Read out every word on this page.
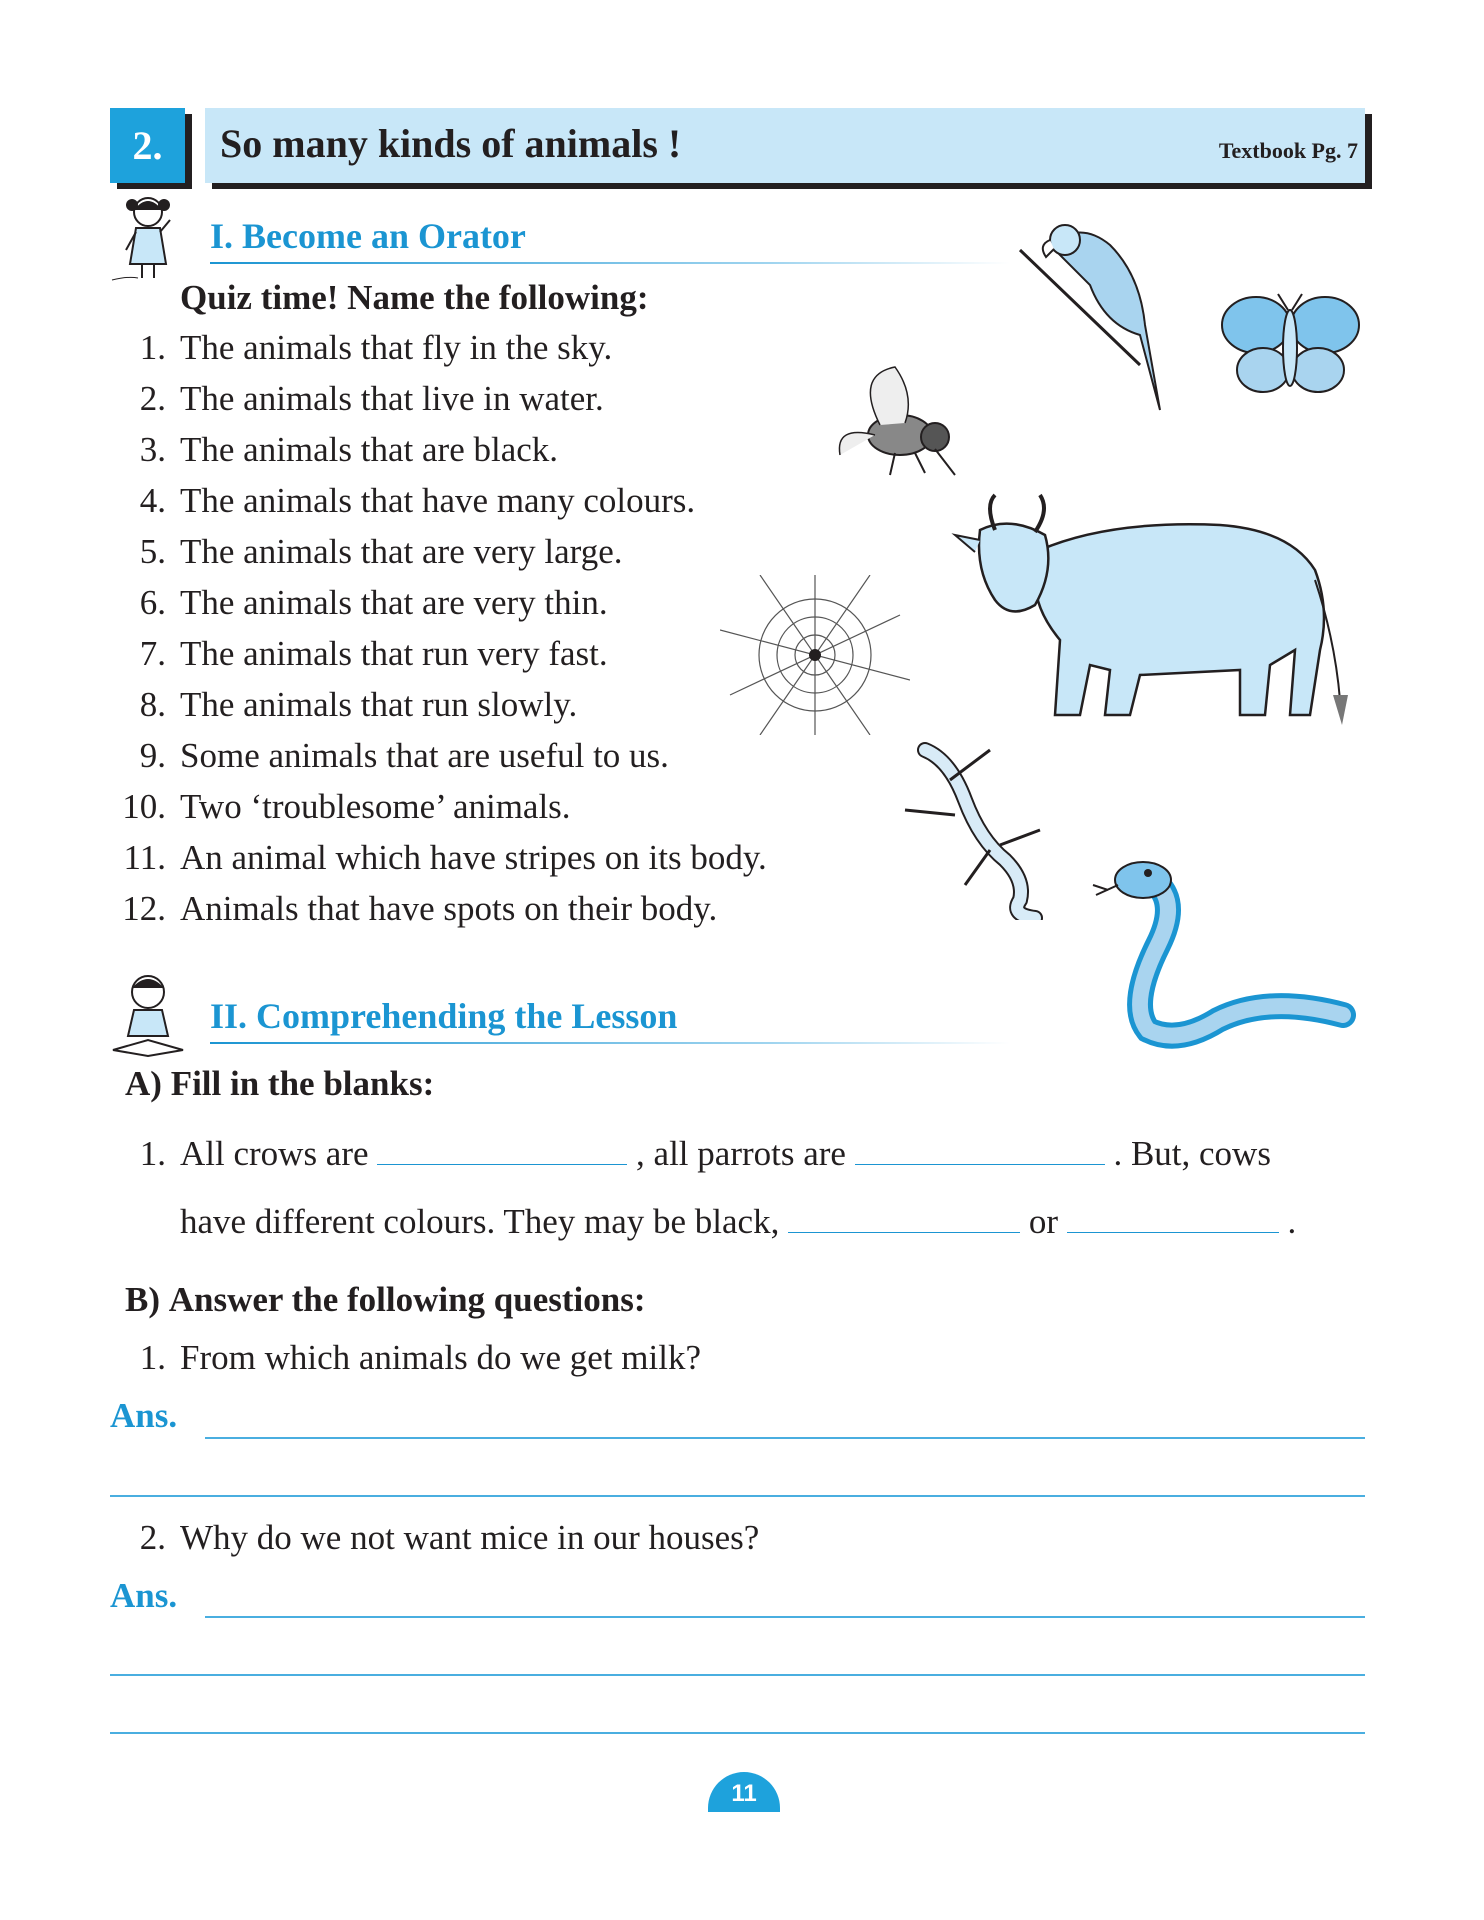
2.	So many kinds of animals !	Textbook Pg. 7
I. Become an Orator
Quiz time! Name the following:
1. The animals that fly in the sky.
2. The animals that live in water.
3. The animals that are black.
4. The animals that have many colours.
5. The animals that are very large.
6. The animals that are very thin.
7. The animals that run very fast.
8. The animals that run slowly.
9. Some animals that are useful to us.
10. Two ‘troublesome’ animals.
11. An animal which have stripes on its body.
12. Animals that have spots on their body.
II. Comprehending the Lesson
A) Fill in the blanks:
1. All crows are	, all parrots are	. But, cows
have different colours. They may be black,	or	.
B) Answer the following questions:
1. From which animals do we get milk?
Ans.
2. Why do we not want mice in our houses?
Ans.
11
